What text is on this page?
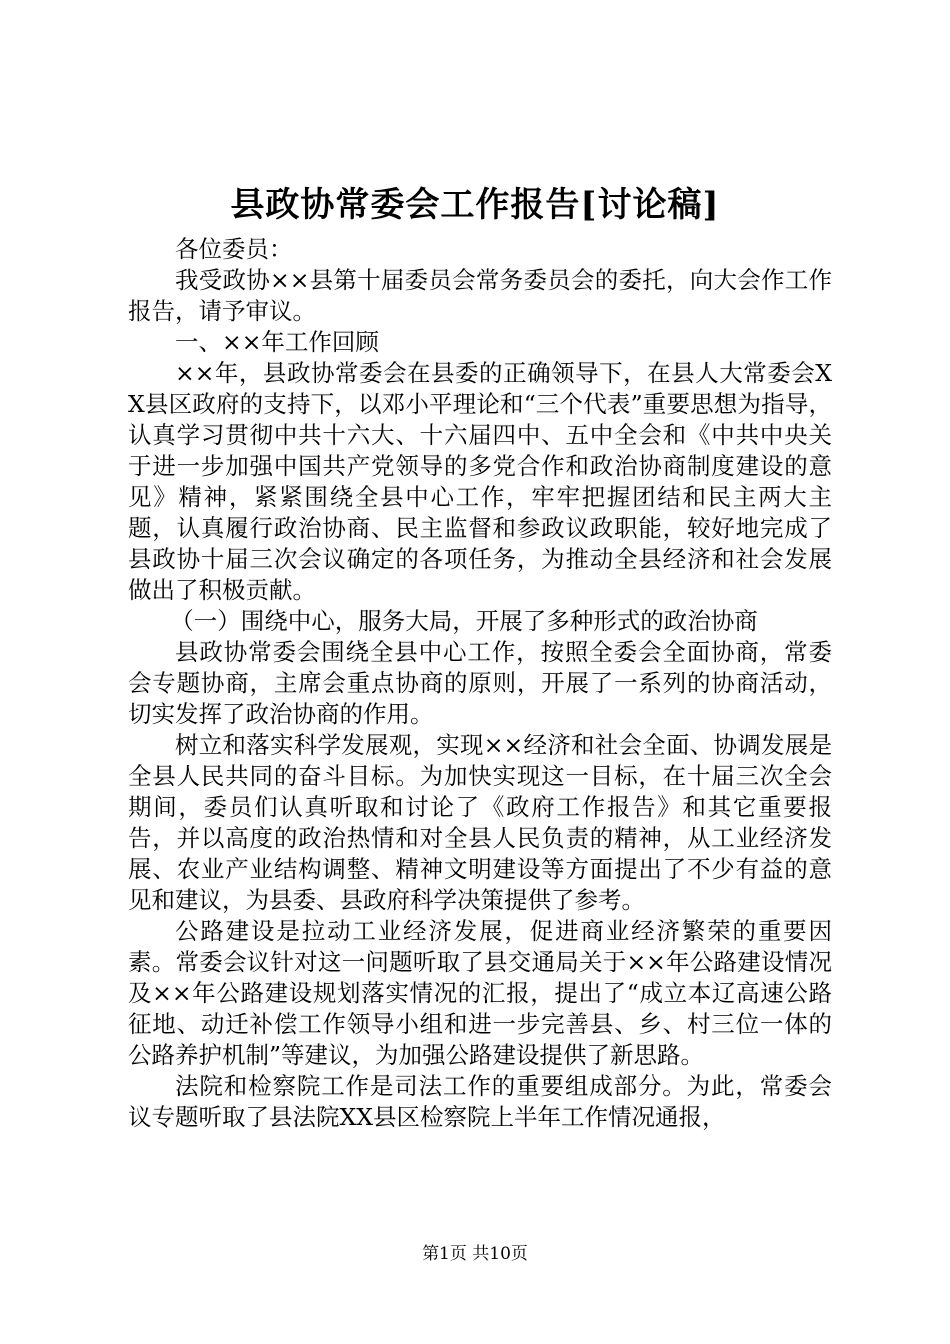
县政协常委会工作报告[讨论稿]

各位委员：

我受政协××县第十届委员会常务委员会的委托，向大会作工作报告，请予审议。

一、××年工作回顾

××年，县政协常委会在县委的正确领导下，在县人大常委会XX县区政府的支持下，以邓小平理论和“三个代表”重要思想为指导，认真学习贯彻中共十六大、十六届四中、五中全会和《中共中央关于进一步加强中国共产党领导的多党合作和政治协商制度建设的意见》精神，紧紧围绕全县中心工作，牢牢把握团结和民主两大主题，认真履行政治协商、民主监督和参政议政职能，较好地完成了县政协十届三次会议确定的各项任务，为推动全县经济和社会发展做出了积极贡献。

（一）围绕中心，服务大局，开展了多种形式的政治协商

县政协常委会围绕全县中心工作，按照全委会全面协商，常委会专题协商，主席会重点协商的原则，开展了一系列的协商活动，切实发挥了政治协商的作用。

树立和落实科学发展观，实现××经济和社会全面、协调发展是全县人民共同的奋斗目标。为加快实现这一目标，在十届三次全会期间，委员们认真听取和讨论了《政府工作报告》和其它重要报告，并以高度的政治热情和对全县人民负责的精神，从工业经济发展、农业产业结构调整、精神文明建设等方面提出了不少有益的意见和建议，为县委、县政府科学决策提供了参考。

公路建设是拉动工业经济发展，促进商业经济繁荣的重要因素。常委会议针对这一问题听取了县交通局关于××年公路建设情况及××年公路建设规划落实情况的汇报，提出了“成立本辽高速公路征地、动迁补偿工作领导小组和进一步完善县、乡、村三位一体的公路养护机制”等建议，为加强公路建设提供了新思路。

法院和检察院工作是司法工作的重要组成部分。为此，常委会议专题听取了县法院XX县区检察院上半年工作情况通报，

第1页 共10页
